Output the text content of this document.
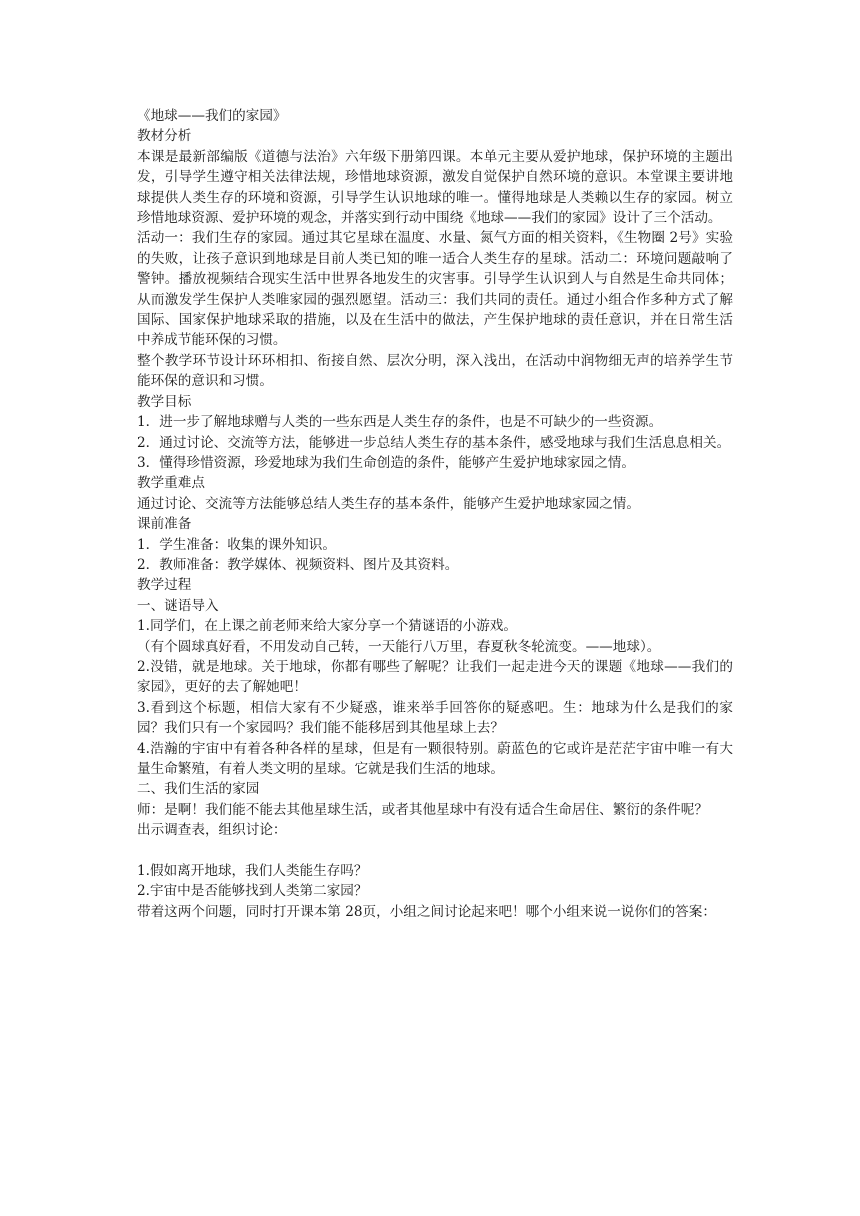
《地球——我们的家园》

教材分析

本课是最新部编版《道德与法治》六年级下册第四课。本单元主要从爱护地球，保护环境的主题出发，引导学生遵守相关法律法规，珍惜地球资源，激发自觉保护自然环境的意识。本堂课主要讲地球提供人类生存的环境和资源，引导学生认识地球的唯一。懂得地球是人类赖以生存的家园。树立珍惜地球资源、爱护环境的观念，并落实到行动中围绕《地球——我们的家园》设计了三个活动。

活动一：我们生存的家园。通过其它星球在温度、水量、氮气方面的相关资料，《生物圈 2号》实验的失败，让孩子意识到地球是目前人类已知的唯一适合人类生存的星球。活动二：环境问题敲响了警钟。播放视频结合现实生活中世界各地发生的灾害事。引导学生认识到人与自然是生命共同体；从而激发学生保护人类唯家园的强烈愿望。活动三：我们共同的责任。通过小组合作多种方式了解国际、国家保护地球采取的措施，以及在生活中的做法，产生保护地球的责任意识，并在日常生活中养成节能环保的习惯。

整个教学环节设计环环相扣、衔接自然、层次分明，深入浅出，在活动中润物细无声的培养学生节能环保的意识和习惯。

教学目标

1．进一步了解地球赠与人类的一些东西是人类生存的条件，也是不可缺少的一些资源。

2．通过讨论、交流等方法，能够进一步总结人类生存的基本条件，感受地球与我们生活息息相关。

3．懂得珍惜资源，珍爱地球为我们生命创造的条件，能够产生爱护地球家园之情。

教学重难点

通过讨论、交流等方法能够总结人类生存的基本条件，能够产生爱护地球家园之情。

课前准备

1．学生准备：收集的课外知识。

2．教师准备：教学媒体、视频资料、图片及其资料。

教学过程

一、谜语导入

1.同学们，在上课之前老师来给大家分享一个猜谜语的小游戏。

（有个圆球真好看，不用发动自己转，一天能行八万里，春夏秋冬轮流变。——地球）。

2.没错，就是地球。关于地球，你都有哪些了解呢？让我们一起走进今天的课题《地球——我们的家园》，更好的去了解她吧！

3.看到这个标题，相信大家有不少疑惑，谁来举手回答你的疑惑吧。生：地球为什么是我们的家园？我们只有一个家园吗？我们能不能移居到其他星球上去？

4.浩瀚的宇宙中有着各种各样的星球，但是有一颗很特别。蔚蓝色的它或许是茫茫宇宙中唯一有大量生命繁殖，有着人类文明的星球。它就是我们生活的地球。

二、我们生活的家园

师：是啊！我们能不能去其他星球生活，或者其他星球中有没有适合生命居住、繁衍的条件呢？

出示调查表，组织讨论：

1.假如离开地球，我们人类能生存吗？

2.宇宙中是否能够找到人类第二家园？

带着这两个问题，同时打开课本第 28页，小组之间讨论起来吧！哪个小组来说一说你们的答案：
